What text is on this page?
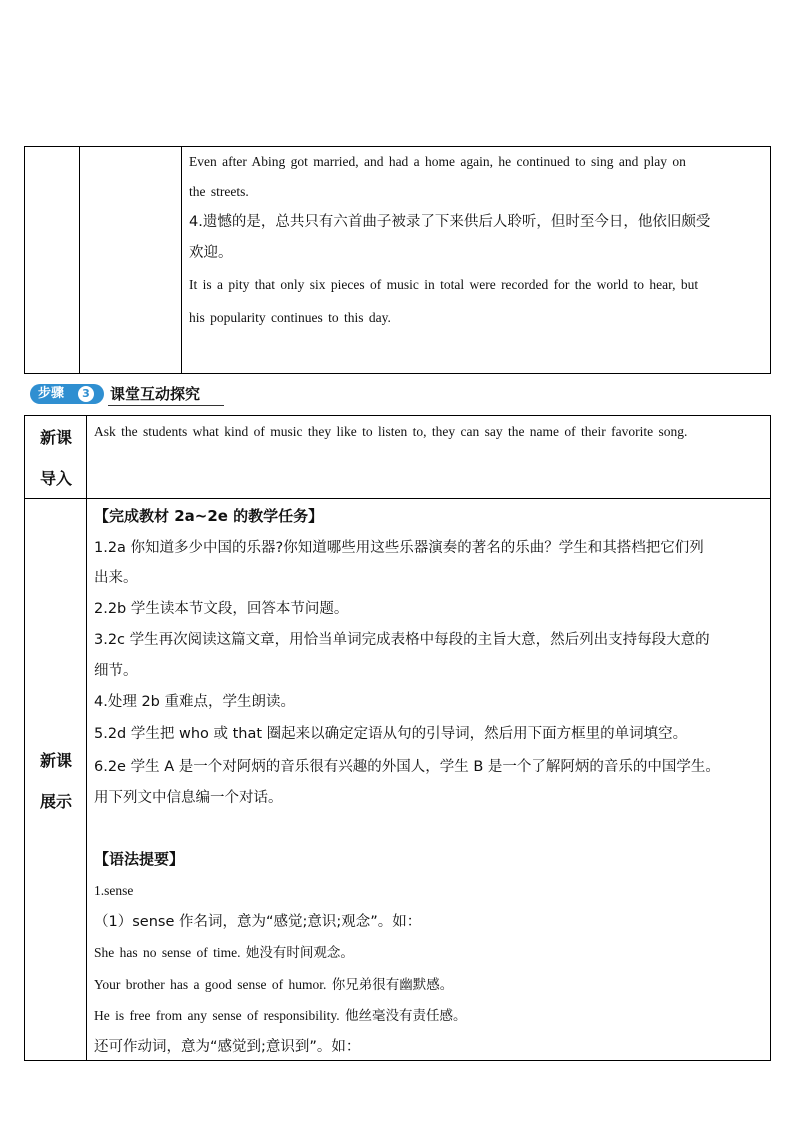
Even after Abing got married, and had a home again, he continued to sing and play on
the streets.
4.遗憾的是，总共只有六首曲子被录了下来供后人聆听，但时至今日，他依旧颇受
欢迎。
It is a pity that only six pieces of music in total were recorded for the world to hear, but
his popularity continues to this day.
步骤	3 课堂互动探究
新课
导入
Ask the students what kind of music they like to listen to, they can say the name of their favorite song.
新课
展示
【完成教材 2a~2e 的教学任务】
1.2a 你知道多少中国的乐器?你知道哪些用这些乐器演奏的著名的乐曲？学生和其搭档把它们列
出来。
2.2b 学生读本节文段，回答本节问题。
3.2c 学生再次阅读这篇文章，用恰当单词完成表格中每段的主旨大意，然后列出支持每段大意的
细节。
4.处理 2b 重难点，学生朗读。
5.2d 学生把 who 或 that 圈起来以确定定语从句的引导词，然后用下面方框里的单词填空。
6.2e 学生 A 是一个对阿炳的音乐很有兴趣的外国人，学生 B 是一个了解阿炳的音乐的中国学生。
用下列文中信息编一个对话。
【语法提要】
1.sense
（1）sense 作名词，意为“感觉;意识;观念”。如：
She has no sense of time. 她没有时间观念。
Your brother has a good sense of humor. 你兄弟很有幽默感。
He is free from any sense of responsibility. 他丝毫没有责任感。
还可作动词，意为“感觉到;意识到”。如：
